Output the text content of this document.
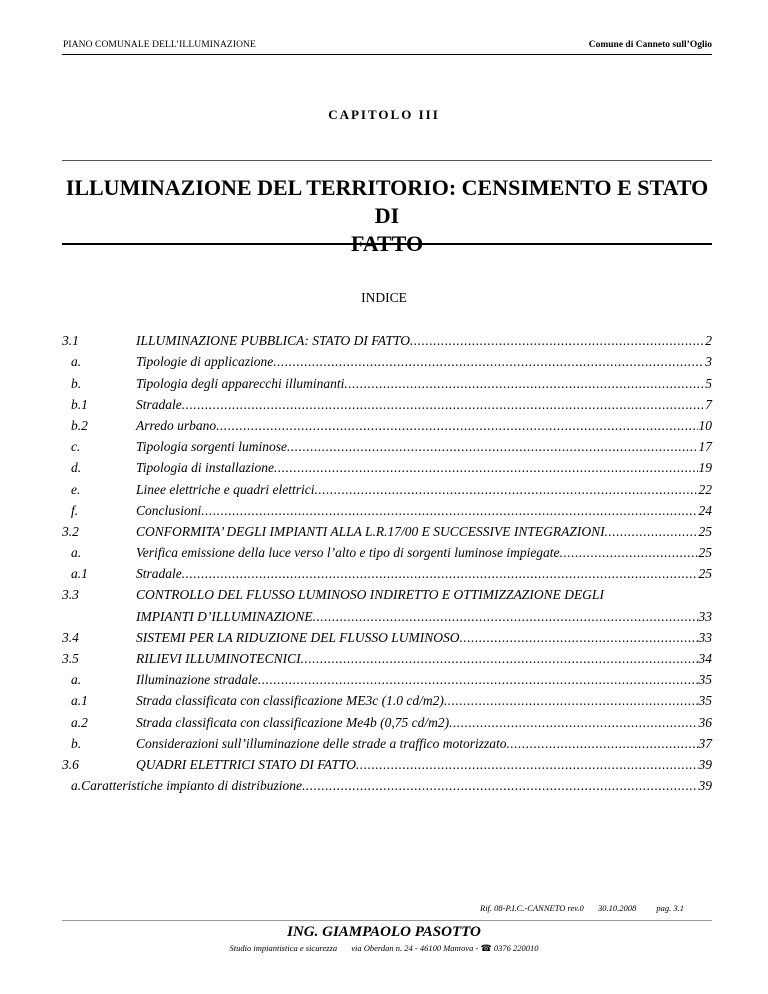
PIANO COMUNALE DELL’ILLUMINAZIONE	Comune di Canneto sull’Oglio
CAPITOLO III
ILLUMINAZIONE DEL TERRITORIO: CENSIMENTO E STATO DI
FATTO
INDICE
3.1	ILLUMINAZIONE PUBBLICA: STATO DI FATTO .....	2
a.	Tipologie di applicazione .....	3
b.	Tipologia degli apparecchi illuminanti .....	5
b.1	Stradale .....	7
b.2	Arredo urbano .....	10
c.	Tipologia sorgenti luminose .....	17
d.	Tipologia di installazione .....	19
e.	Linee elettriche e quadri elettrici .....	22
f.	Conclusioni .....	24
3.2	CONFORMITA’ DEGLI IMPIANTI ALLA L.R.17/00 E SUCCESSIVE INTEGRAZIONI .....	25
a.	Verifica emissione della luce verso l’alto e tipo di sorgenti luminose impiegate .....	25
a.1	Stradale .....	25
3.3	CONTROLLO DEL FLUSSO LUMINOSO INDIRETTO E OTTIMIZZAZIONE DEGLI
IMPIANTI D’ILLUMINAZIONE .....	33
3.4	SISTEMI PER LA RIDUZIONE DEL FLUSSO LUMINOSO .....	33
3.5	RILIEVI ILLUMINOTECNICI .....	34
a.	Illuminazione stradale .....	35
a.1	Strada classificata con classificazione ME3c (1.0 cd/m2) .....	35
a.2	Strada classificata con classificazione Me4b (0,75 cd/m2) .....	36
b.	Considerazioni sull’illuminazione delle strade a traffico motorizzato .....	37
3.6	QUADRI ELETTRICI STATO DI FATTO .....	39
a.Caratteristiche impianto di distribuzione .....	39
Rif. 08-P.I.C.-CANNETO rev.0 30.10.2008 pag. 3.1
ING. GIAMPAOLO PASOTTO
Studio impiantistica e sicurezza via Oberdan n. 24 - 46100 Mantova - ☎ 0376 220010
